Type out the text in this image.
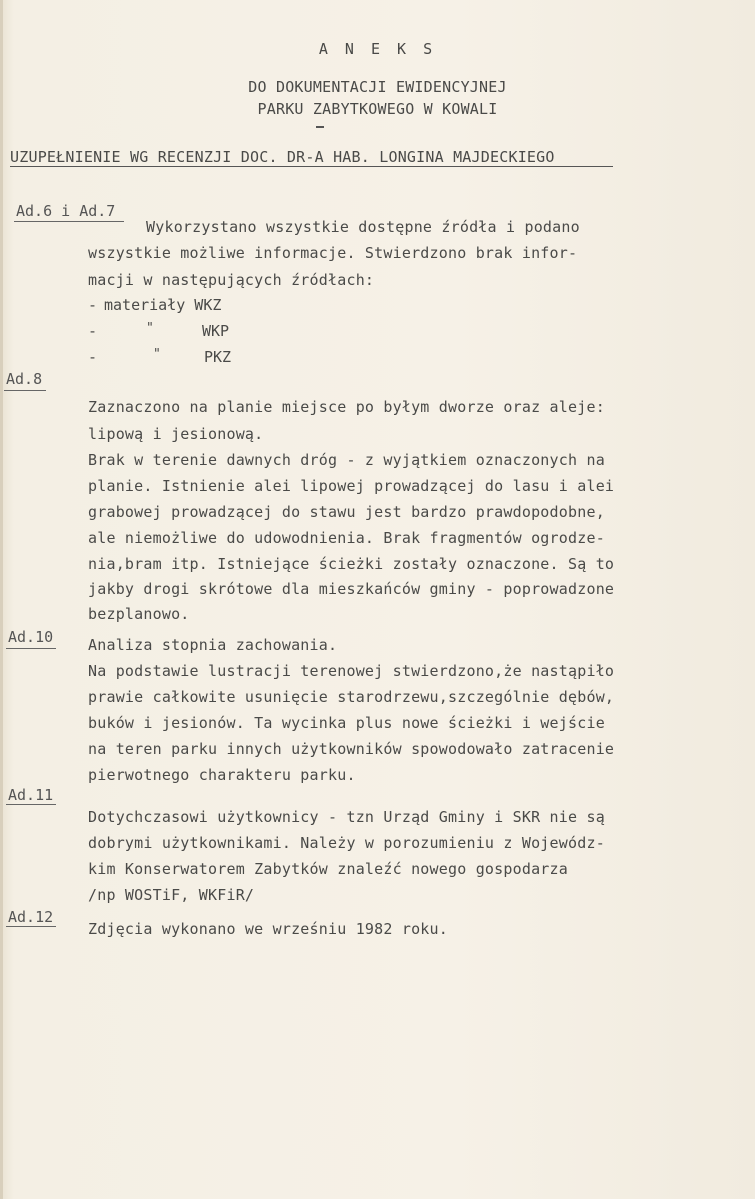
A N E K S
DO DOKUMENTACJI EWIDENCYJNEJ
PARKU ZABYTKOWEGO W KOWALI
UZUPEŁNIENIE WG RECENZJI DOC. DR-A HAB. LONGINA MAJDECKIEGO
Ad.6 i Ad.7
Wykorzystano wszystkie dostępne źródła i podano
wszystkie możliwe informacje. Stwierdzono brak infor-
macji w następujących źródłach:
- materiały WKZ
-	"	WKP
-	"	PKZ
Ad.8
Zaznaczono na planie miejsce po byłym dworze oraz aleje:
lipową i jesionową.
Brak w terenie dawnych dróg - z wyjątkiem oznaczonych na
planie. Istnienie alei lipowej prowadzącej do lasu i alei
grabowej prowadzącej do stawu jest bardzo prawdopodobne,
ale niemożliwe do udowodnienia. Brak fragmentów ogrodze-
nia,bram itp. Istniejące ścieżki zostały oznaczone. Są to
jakby drogi skrótowe dla mieszkańców gminy - poprowadzone
bezplanowo.
Ad.10 Analiza stopnia zachowania.
Na podstawie lustracji terenowej stwierdzono,że nastąpiło
prawie całkowite usunięcie starodrzewu,szczególnie dębów,
buków i jesionów. Ta wycinka plus nowe ścieżki i wejście
na teren parku innych użytkowników spowodowało zatracenie
pierwotnego charakteru parku.
Ad.11
Dotychczasowi użytkownicy - tzn Urząd Gminy i SKR nie są
dobrymi użytkownikami. Należy w porozumieniu z Wojewódz-
kim Konserwatorem Zabytków znaleźć nowego gospodarza
/np WOSTiF, WKFiR/
Ad.12
Zdjęcia wykonano we wrześniu 1982 roku.
